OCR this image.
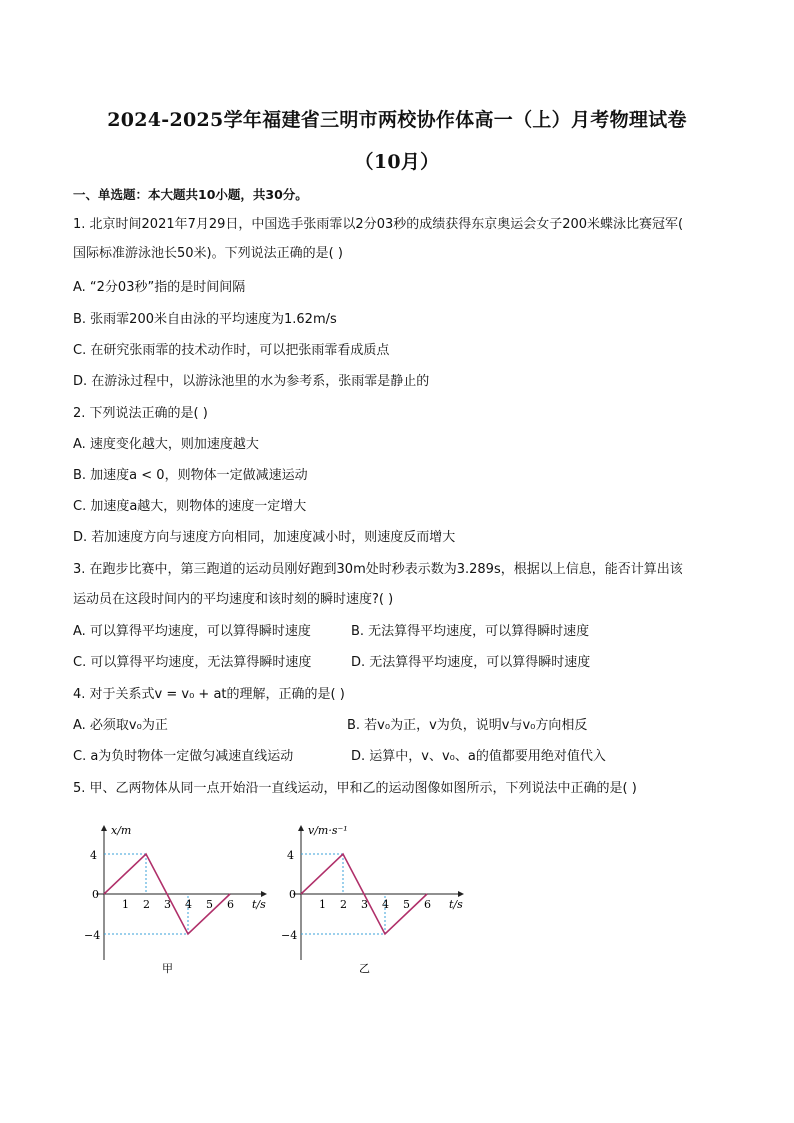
2024-2025学年福建省三明市两校协作体高一（上）月考物理试卷
（10月）
一、单选题：本大题共10小题，共30分。
1. 北京时间2021年7月29日，中国选手张雨霏以2分03秒的成绩获得东京奥运会女子200米蝶泳比赛冠军(
国际标准游泳池长50米)。下列说法正确的是( )
A. “2分03秒”指的是时间间隔
B. 张雨霏200米自由泳的平均速度为1.62m/s
C. 在研究张雨霏的技术动作时，可以把张雨霏看成质点
D. 在游泳过程中，以游泳池里的水为参考系，张雨霏是静止的
2. 下列说法正确的是( )
A. 速度变化越大，则加速度越大
B. 加速度a < 0，则物体一定做减速运动
C. 加速度a越大，则物体的速度一定增大
D. 若加速度方向与速度方向相同，加速度减小时，则速度反而增大
3. 在跑步比赛中，第三跑道的运动员刚好跑到30m处时秒表示数为3.289s，根据以上信息，能否计算出该
运动员在这段时间内的平均速度和该时刻的瞬时速度?( )
A. 可以算得平均速度，可以算得瞬时速度	B. 无法算得平均速度，可以算得瞬时速度
C. 可以算得平均速度，无法算得瞬时速度	D. 无法算得平均速度，可以算得瞬时速度
4. 对于关系式v = v₀ + at的理解，正确的是( )
A. 必须取v₀为正	B. 若v₀为正，v为负，说明v与v₀方向相反
C. a为负时物体一定做匀减速直线运动	D. 运算中，v、v₀、a的值都要用绝对值代入
5. 甲、乙两物体从同一点开始沿一直线运动，甲和乙的运动图像如图所示，下列说法中正确的是( )
1 2 3 4 5 6
x/m
t/s
4
0
−4
甲
1 2 3 4 5 6
v/m·s⁻¹
t/s
4
0
−4
乙
